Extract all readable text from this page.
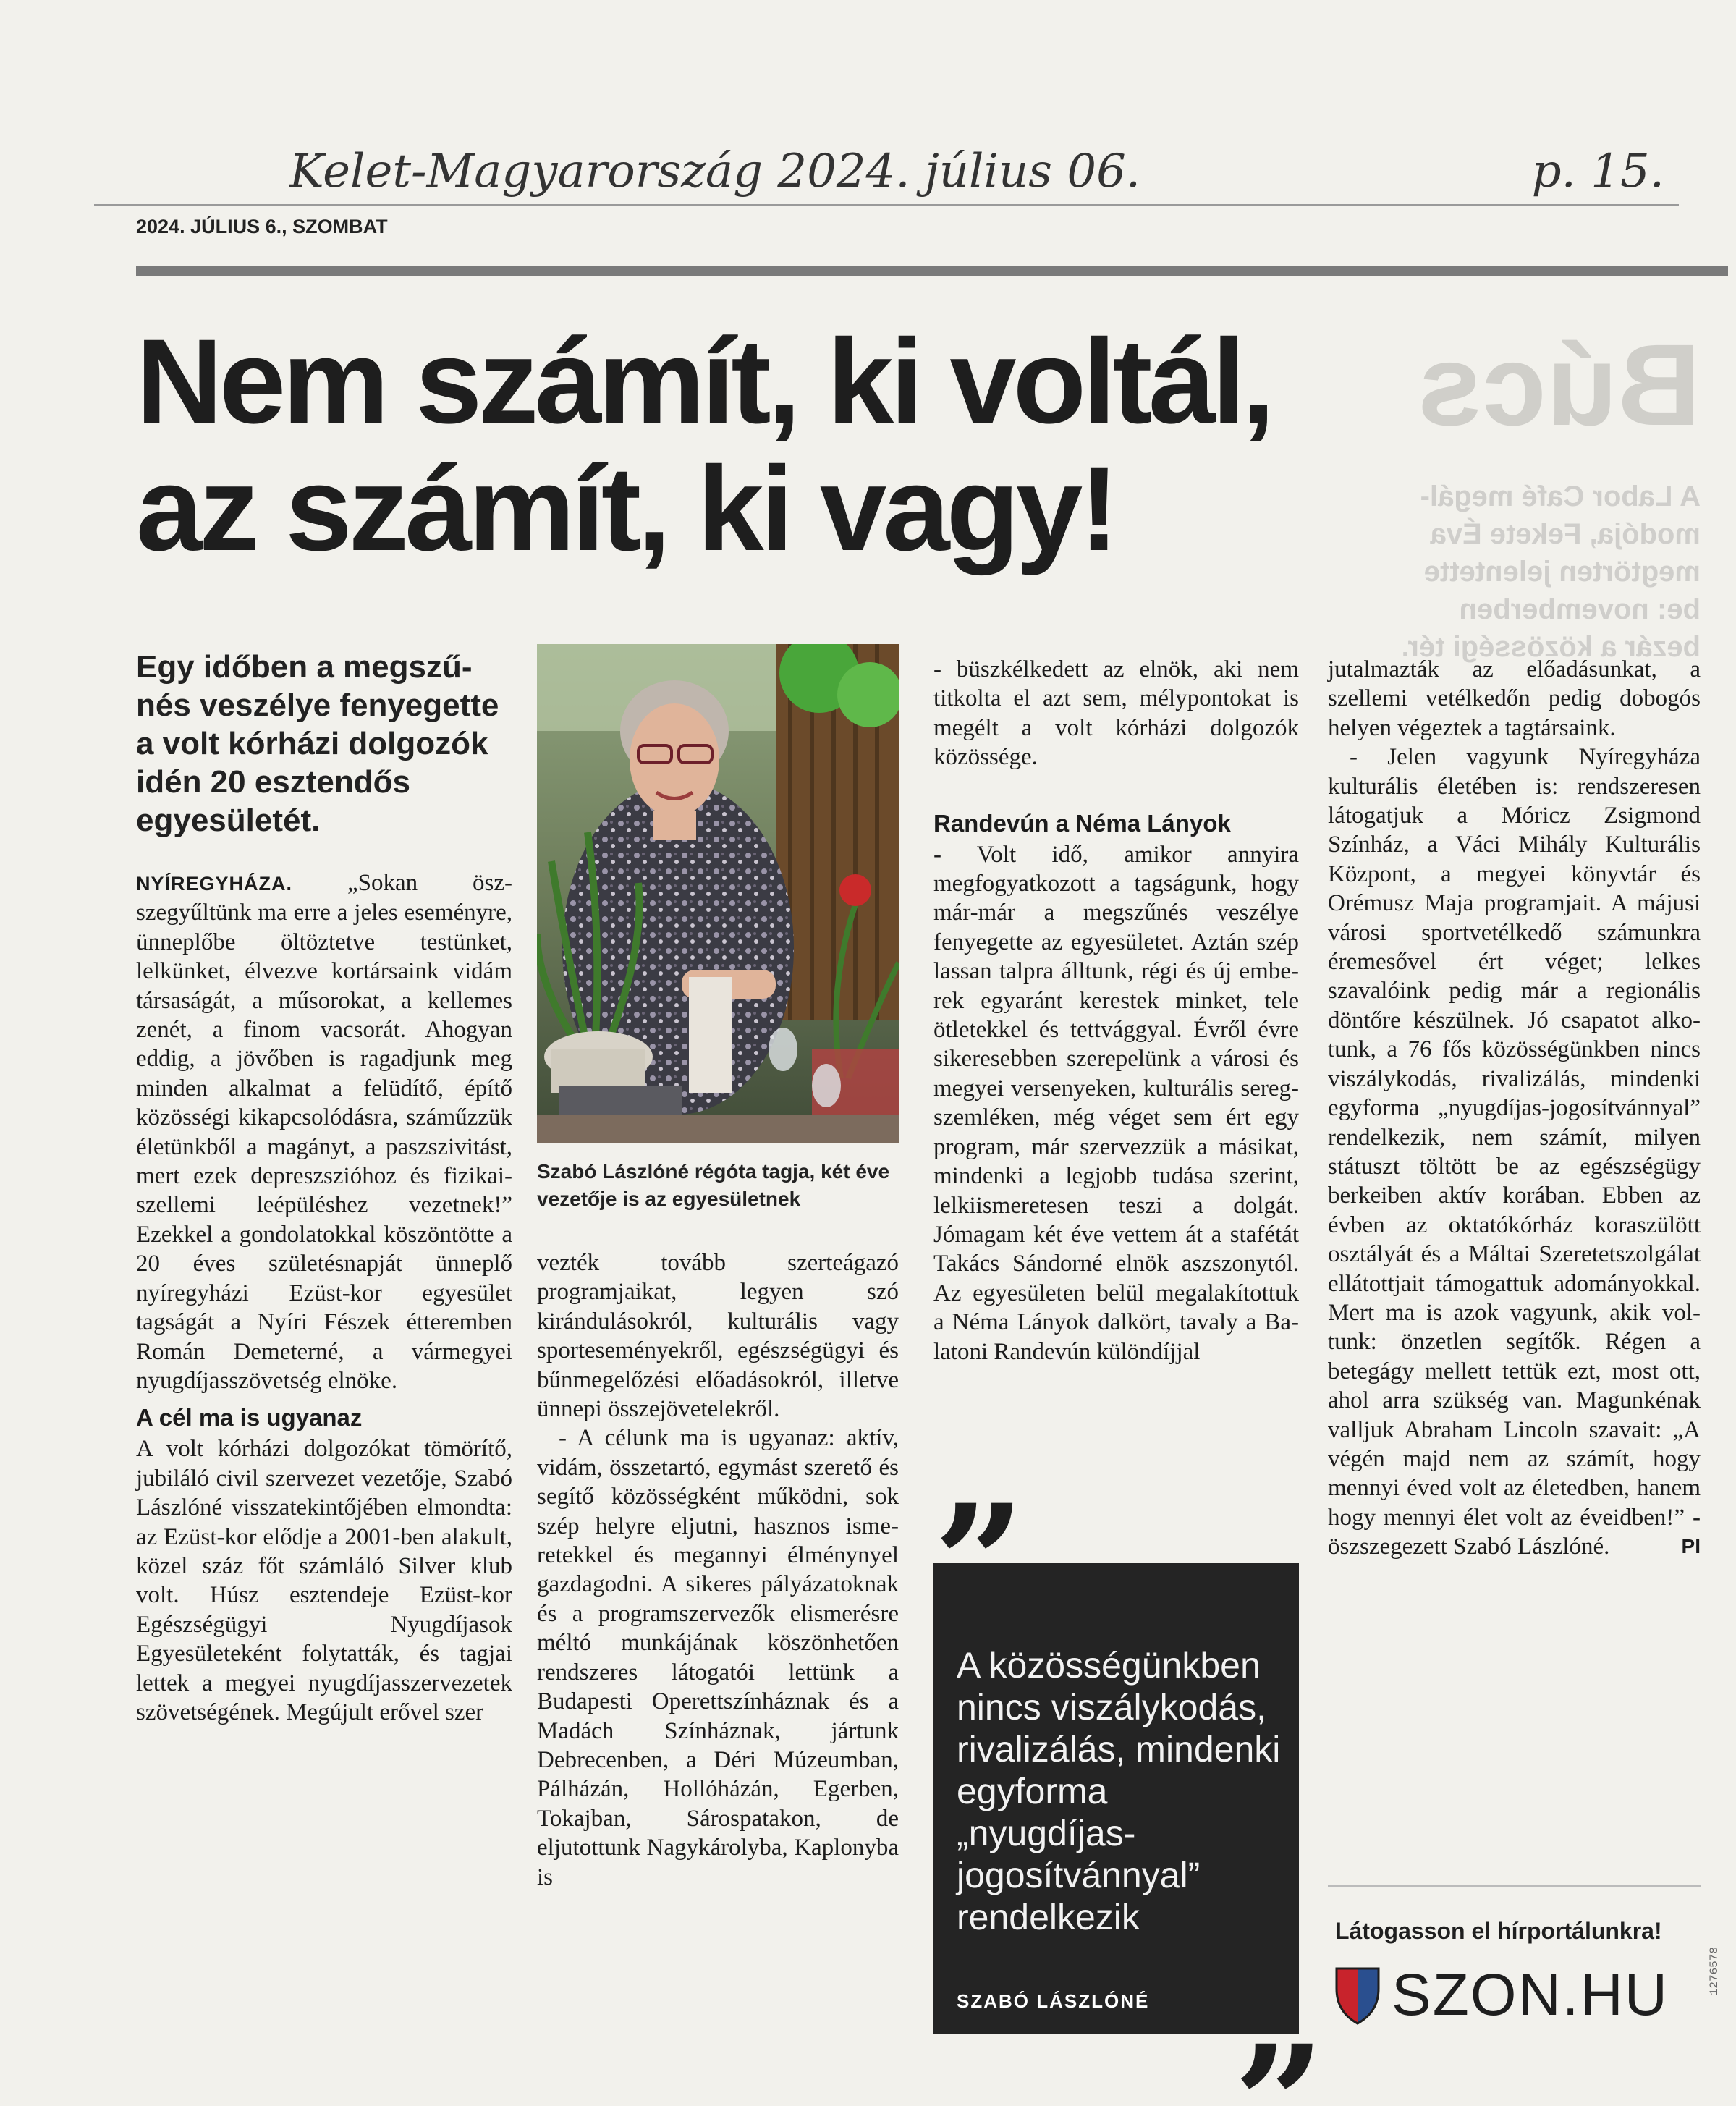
Kelet-Magyarország 2024. július 06.	p. 15.
2024. JÚLIUS 6., SZOMBAT
Nem számít, ki voltál,
az számít, ki vagy!
Búcs
A Labor Café megálmodója, Fekete Éva megtörten jelentette be: novemberben bezár a közösségi tér.

Egy időben a megszűnés veszélye fenyegette a volt kórházi dolgozók idén 20 esztendős egyesületét.

NYÍREGYHÁZA. „Sokan öszszegyűltünk ma erre a jeles eseményre, ünneplőbe öltöztetve testünket, lelkünket, élvezve kortársaink vidám társaságát, a műsorokat, a kellemes zenét, a finom vacsorát. Ahogyan eddig, a jövőben is ragadjunk meg minden alkalmat a felüdítő, építő közösségi kikapcsolódásra, száműzzük életünkből a magányt, a paszszivitást, mert ezek depreszszióhoz és fizikai-szellemi leépüléshez vezetnek!” Ezekkel a gondolatokkal köszöntötte a 20 éves születésnapját ünneplő nyíregyházi Ezüst-kor egyesület tagságát a Nyíri Fészek étteremben Román Demeterné, a vármegyei nyugdíjasszövetség elnöke.

A cél ma is ugyanaz

A volt kórházi dolgozókat tömörítő, jubiláló civil szervezet vezetője, Szabó Lászlóné visszatekintőjében elmondta: az Ezüst-kor elődje a 2001-ben alakult, közel száz főt számláló Silver klub volt. Húsz esztendeje Ezüst-kor Egészségügyi Nyugdíjasok Egyesületeként folytatták, és tagjai lettek a megyei nyugdíjasszervezetek szövetségének. Megújult erővel szer

Szabó Lászlóné régóta tagja, két éve vezetője is az egyesületnek

vezték tovább szerteágazó programjaikat, legyen szó kirándulásokról, kulturális vagy sporteseményekről, egészségügyi és bűnmegelőzési előadásokról, illetve ünnepi összejövetelekről.

- A célunk ma is ugyanaz: aktív, vidám, összetartó, egymást szerető és segítő közösségként működni, sok szép helyre eljutni, hasznos ismeretekkel és megannyi élménynyel gazdagodni. A sikeres pályázatoknak és a programszervezők elismerésre méltó munkájának köszönhetően rendszeres látogatói lettünk a Budapesti Operettszínháznak és a Madách Színháznak, jártunk Debrecenben, a Déri Múzeumban, Pálházán, Hollóházán, Egerben, Tokajban, Sárospatakon, de eljutottunk Nagykárolyba, Kaplonyba is

- büszkélkedett az elnök, aki nem titkolta el azt sem, mélypontokat is megélt a volt kórházi dolgozók közössége.

Randevún a Néma Lányok

- Volt idő, amikor annyira megfogyatkozott a tagságunk, hogy már-már a megszűnés veszélye fenyegette az egyesületet. Aztán szép lassan talpra álltunk, régi és új emberek egyaránt kerestek minket, tele ötletekkel és tettvággyal. Évről évre sikeresebben szerepelünk a városi és megyei versenyeken, kulturális seregszemléken, még véget sem ért egy program, már szervezzük a másikat, mindenki a legjobb tudása szerint, lelkiismeretesen teszi a dolgát. Jómagam két éve vettem át a stafétát Takács Sándorné elnök aszszonytól. Az egyesületen belül megalakítottuk a Néma Lányok dalkört, tavaly a Balatoni Randevún különdíjjal

”
A közösségünkben nincs viszálykodás, rivalizálás, mindenki egyforma „nyugdíjas-jogosítvánnyal” rendelkezik
SZABÓ LÁSZLÓNÉ „

jutalmazták az előadásunkat, a szellemi vetélkedőn pedig dobogós helyen végeztek a tagtársaink.

- Jelen vagyunk Nyíregyháza kulturális életében is: rendszeresen látogatjuk a Móricz Zsigmond Színház, a Váci Mihály Kulturális Központ, a megyei könyvtár és Orémusz Maja programjait. A májusi városi sportvetélkedő számunkra éremesővel ért véget; lelkes szavalóink pedig már a regionális döntőre készülnek. Jó csapatot alkotunk, a 76 fős közösségünkben nincs viszálykodás, rivalizálás, mindenki egyforma „nyugdíjas-jogosítvánnyal” rendelkezik, nem számít, milyen státuszt töltött be az egészségügy berkeiben aktív korában. Ebben az évben az oktatókórház koraszülött osztályát és a Máltai Szeretetszolgálat ellátottjait támogattuk adományokkal. Mert ma is azok vagyunk, akik voltunk: önzetlen segítők. Régen a betegágy mellett tettük ezt, most ott, ahol arra szükség van. Magunkénak valljuk Abraham Lincoln szavait: „A végén majd nem az számít, hogy mennyi éved volt az életedben, hanem hogy mennyi élet volt az éveidben!” - öszszegezett Szabó Lászlóné.	PI

Látogasson el hírportálunkra!
SZON.HU	1276578
